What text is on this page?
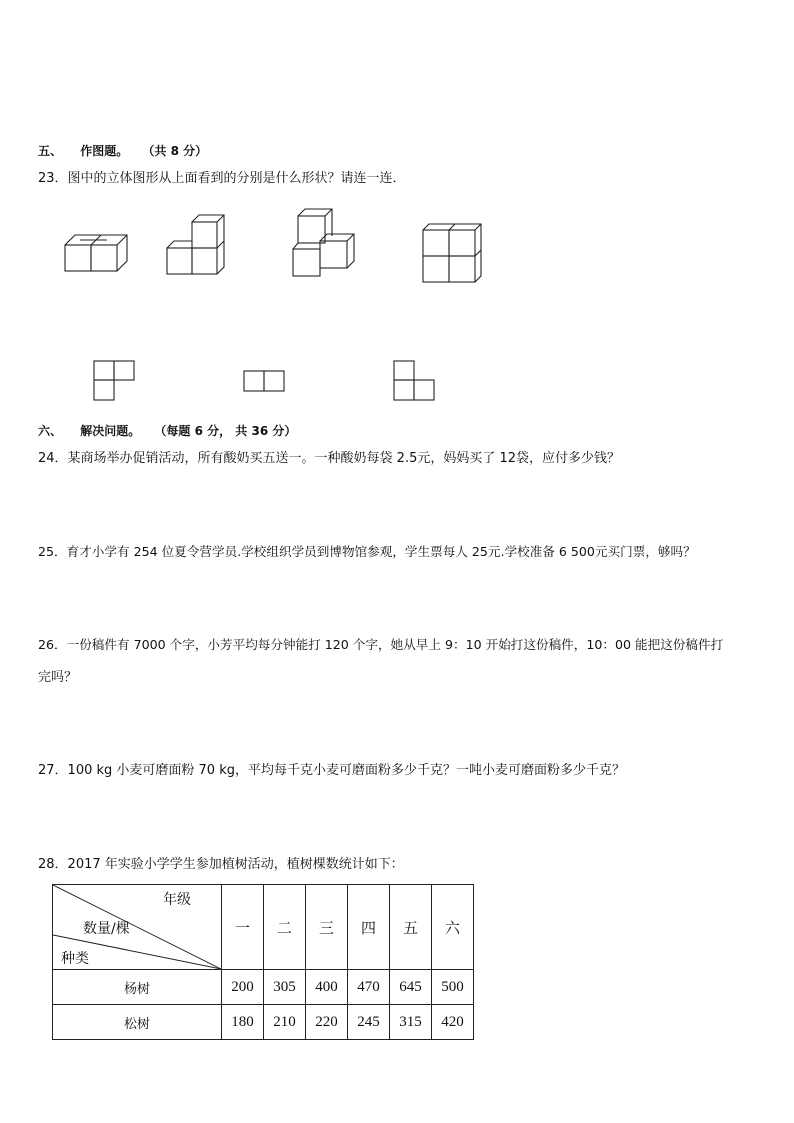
五、 作图题。 （共 8 分）
23．图中的立体图形从上面看到的分别是什么形状？请连一连．
六、 解决问题。 （每题 6 分， 共 36 分）
24．某商场举办促销活动，所有酸奶买五送一。一种酸奶每袋 2.5元，妈妈买了 12袋，应付多少钱？
25．育才小学有 254 位夏令营学员.学校组织学员到博物馆参观，学生票每人 25元.学校准备 6 500元买门票，够吗？
26．一份稿件有 7000 个字，小芳平均每分钟能打 120 个字，她从早上 9：10 开始打这份稿件，10：00 能把这份稿件打
完吗？
27．100 kg 小麦可磨面粉 70 kg，平均每千克小麦可磨面粉多少千克？一吨小麦可磨面粉多少千克？
28．2017 年实验小学学生参加植树活动，植树棵数统计如下：
年级
数量/棵
种类	一	二	三	四	五	六
杨树	200	305	400	470	645	500
松树	180	210	220	245	315	420
